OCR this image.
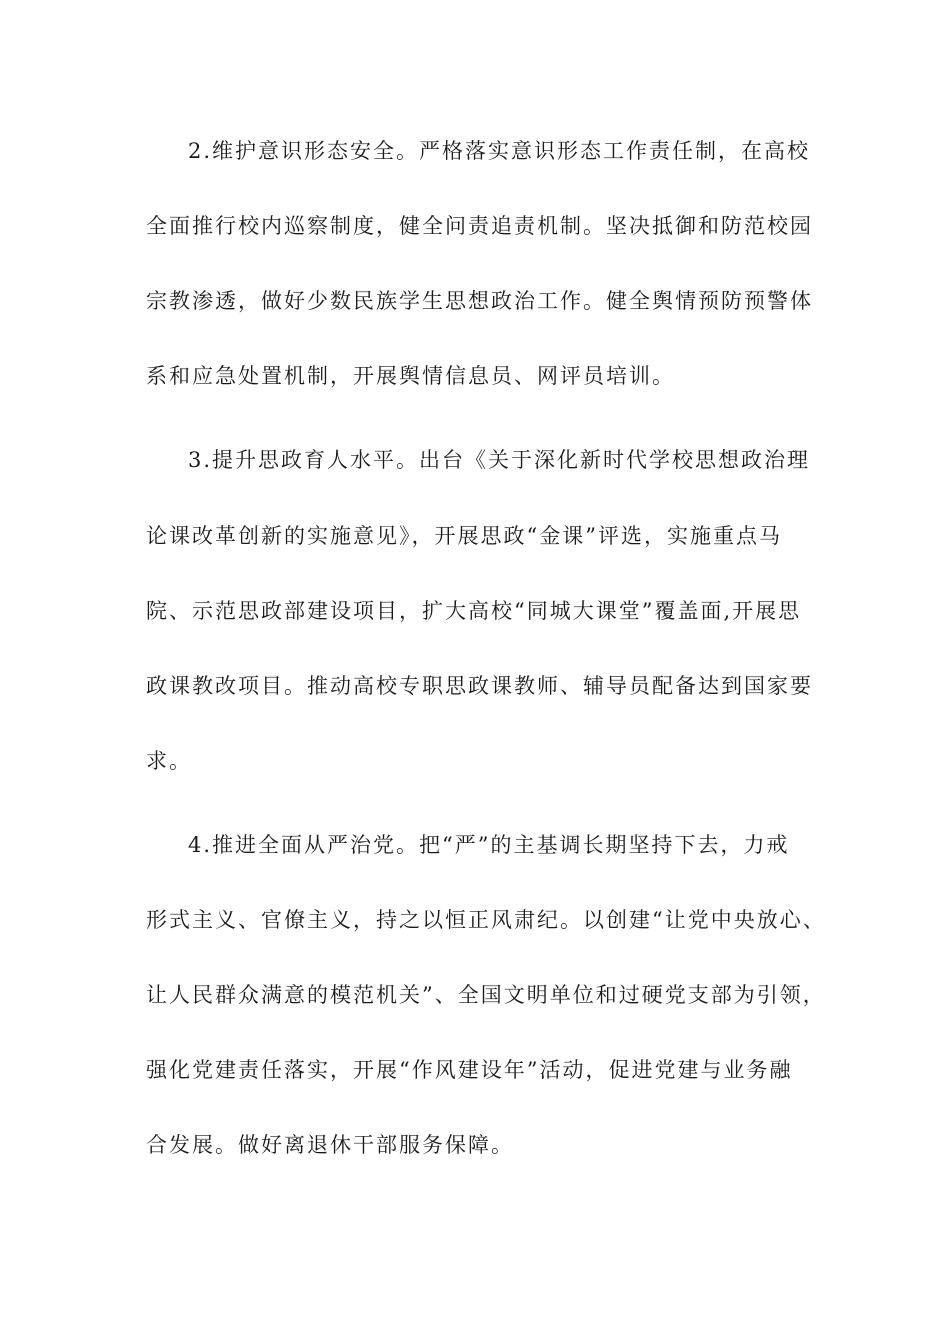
2.维护意识形态安全。严格落实意识形态工作责任制，在高校
全面推行校内巡察制度，健全问责追责机制。坚决抵御和防范校园
宗教渗透，做好少数民族学生思想政治工作。健全舆情预防预警体
系和应急处置机制，开展舆情信息员、网评员培训。
3.提升思政育人水平。出台《关于深化新时代学校思想政治理
论课改革创新的实施意见》，开展思政“金课”评选，实施重点马
院、示范思政部建设项目，扩大高校“同城大课堂”覆盖面,开展思
政课教改项目。推动高校专职思政课教师、辅导员配备达到国家要
求。
4.推进全面从严治党。把“严”的主基调长期坚持下去，力戒
形式主义、官僚主义，持之以恒正风肃纪。以创建“让党中央放心、
让人民群众满意的模范机关”、全国文明单位和过硬党支部为引领，
强化党建责任落实，开展“作风建设年”活动，促进党建与业务融
合发展。做好离退休干部服务保障。
